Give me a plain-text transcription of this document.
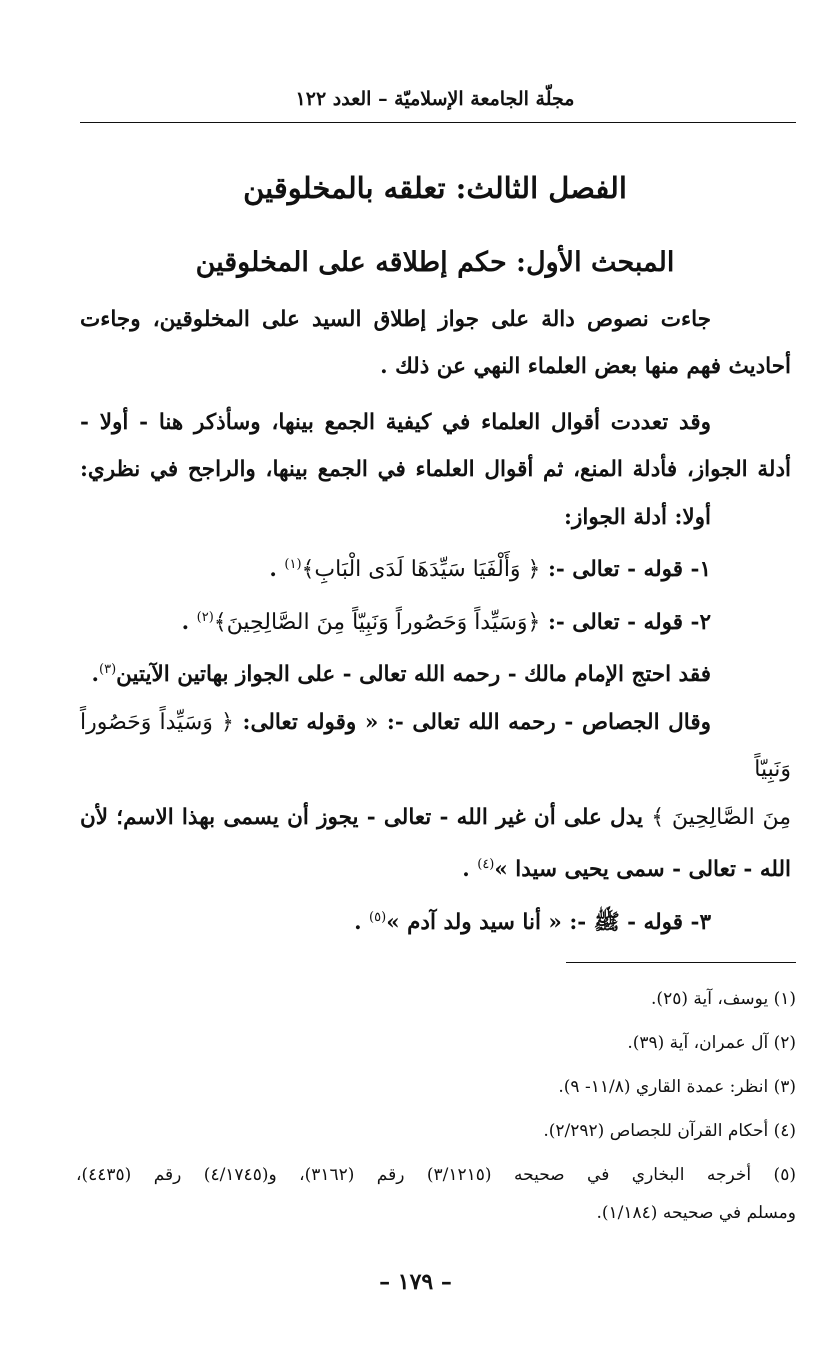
مجلّة الجامعة الإسلاميّة – العدد ١٢٢
الفصل الثالث: تعلقه بالمخلوقين
المبحث الأول: حكم إطلاقه على المخلوقين

جاءت نصوص دالة على جواز إطلاق السيد على المخلوقين، وجاءت

أحاديث فهم منها بعض العلماء النهي عن ذلك .

وقد تعددت أقوال العلماء في كيفية الجمع بينها، وسأذكر هنا - أولا -

أدلة الجواز، فأدلة المنع، ثم أقوال العلماء في الجمع بينها، والراجح في نظري:

أولا: أدلة الجواز:

١- قوله - تعالى -: ﴿ وَأَلْفَيَا سَيِّدَهَا لَدَى الْبَابِ﴾$^{(١)}$ .

٢- قوله - تعالى -: ﴿وَسَيِّداً وَحَصُوراً وَنَبِيّاً مِنَ الصَّالِحِينَ﴾$^{(٢)}$ .

فقد احتج الإمام مالك - رحمه الله تعالى - على الجواز بهاتين الآيتين$^{(٣)}$.

وقال الجصاص - رحمه الله تعالى -: « وقوله تعالى: ﴿ وَسَيِّداً وَحَصُوراً وَنَبِيّاً

مِنَ الصَّالِحِينَ ﴾ يدل على أن غير الله - تعالى - يجوز أن يسمى بهذا الاسم؛ لأن

الله - تعالى - سمى يحيى سيدا »$^{(٤)}$ .

٣- قوله - ﷺ -: « أنا سيد ولد آدم »$^{(٥)}$ .

(١) يوسف، آية (٢٥).

(٢) آل عمران، آية (٣٩).

(٣) انظر: عمدة القاري (١١/٨- ٩).

(٤) أحكام القرآن للجصاص (٢/٢٩٢).

(٥) أخرجه البخاري في صحيحه (٣/١٢١٥) رقم (٣١٦٢)، و(٤/١٧٤٥) رقم (٤٤٣٥)،

ومسلم في صحيحه (١/١٨٤).

– ١٧٩ –
